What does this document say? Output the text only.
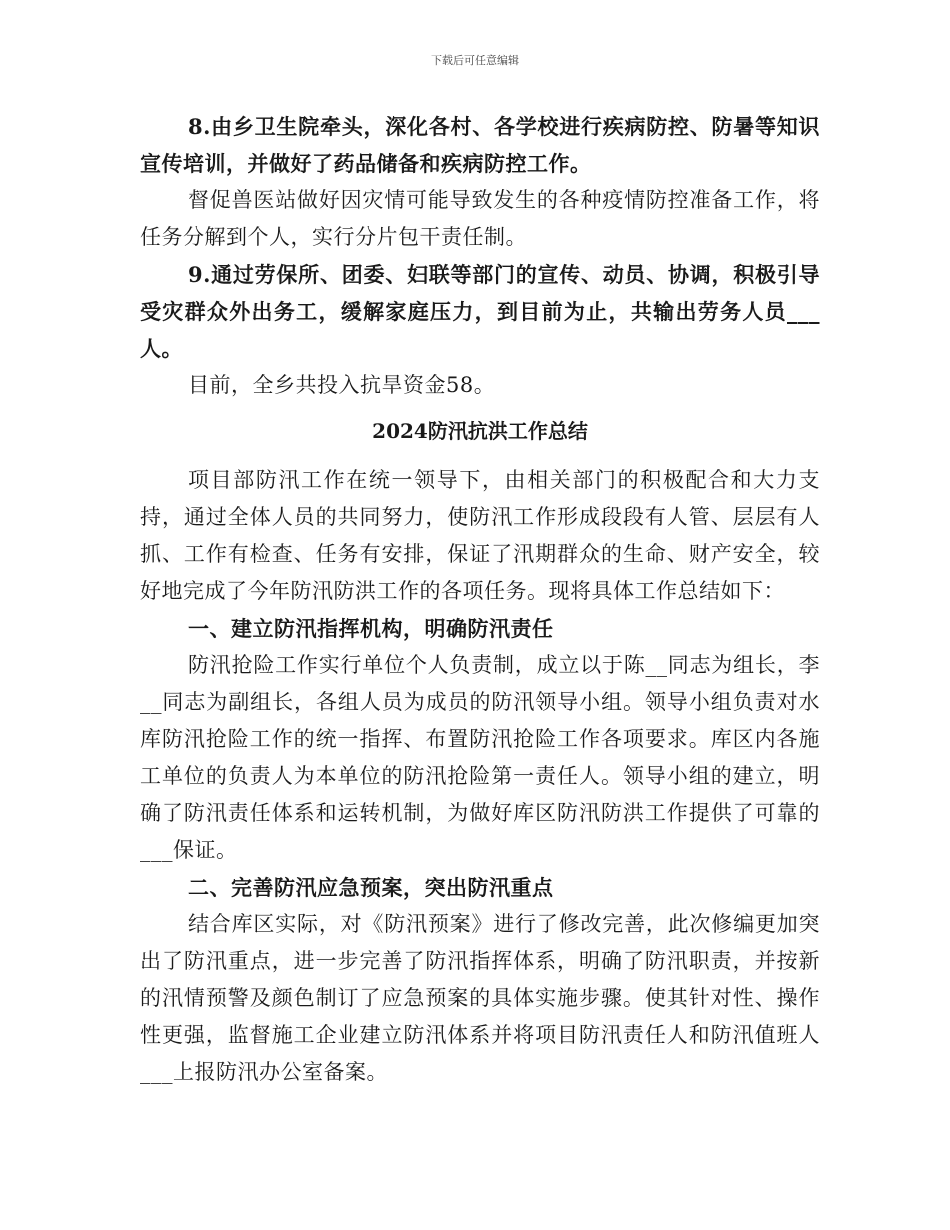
下载后可任意编辑

8.由乡卫生院牵头，深化各村、各学校进行疾病防控、防暑等知识宣传培训，并做好了药品储备和疾病防控工作。

督促兽医站做好因灾情可能导致发生的各种疫情防控准备工作，将任务分解到个人，实行分片包干责任制。

9.通过劳保所、团委、妇联等部门的宣传、动员、协调，积极引导受灾群众外出务工，缓解家庭压力，到目前为止，共输出劳务人员___人。

目前，全乡共投入抗旱资金58。

2024防汛抗洪工作总结

项目部防汛工作在统一领导下，由相关部门的积极配合和大力支持，通过全体人员的共同努力，使防汛工作形成段段有人管、层层有人抓、工作有检查、任务有安排，保证了汛期群众的生命、财产安全，较好地完成了今年防汛防洪工作的各项任务。现将具体工作总结如下：

一、建立防汛指挥机构，明确防汛责任

防汛抢险工作实行单位个人负责制，成立以于陈__同志为组长，李__同志为副组长，各组人员为成员的防汛领导小组。领导小组负责对水库防汛抢险工作的统一指挥、布置防汛抢险工作各项要求。库区内各施工单位的负责人为本单位的防汛抢险第一责任人。领导小组的建立，明确了防汛责任体系和运转机制，为做好库区防汛防洪工作提供了可靠的___保证。

二、完善防汛应急预案，突出防汛重点

结合库区实际，对《防汛预案》进行了修改完善，此次修编更加突出了防汛重点，进一步完善了防汛指挥体系，明确了防汛职责，并按新的汛情预警及颜色制订了应急预案的具体实施步骤。使其针对性、操作性更强，监督施工企业建立防汛体系并将项目防汛责任人和防汛值班人___上报防汛办公室备案。
